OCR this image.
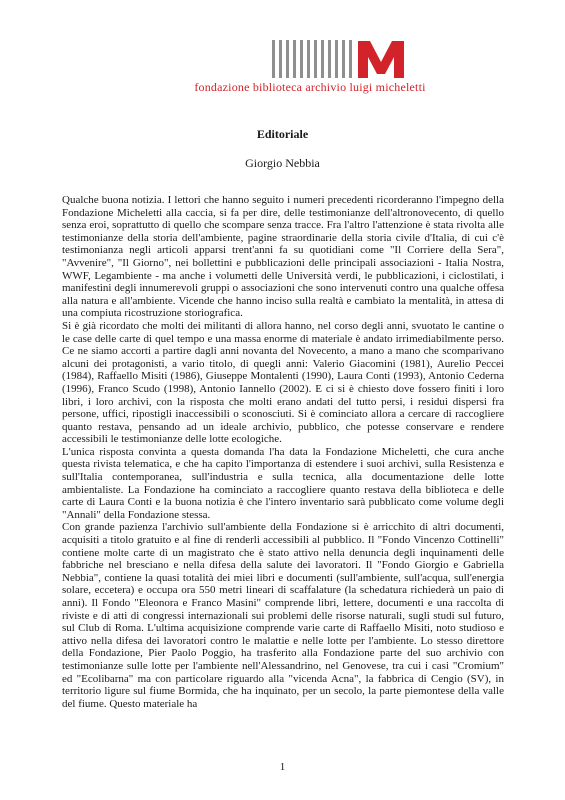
fondazione biblioteca archivio luigi micheletti
Editoriale
Giorgio Nebbia

Qualche buona notizia. I lettori che hanno seguito i numeri precedenti ricorderanno l'impegno della Fondazione Micheletti alla caccia, si fa per dire, delle testimonianze dell'altronovecento, di quello senza eroi, soprattutto di quello che scompare senza tracce. Fra l'altro l'attenzione è stata rivolta alle testimonianze della storia dell'ambiente, pagine straordinarie della storia civile d'Italia, di cui c'è testimonianza negli articoli apparsi trent'anni fa su quotidiani come "Il Corriere della Sera", "Avvenire", "Il Giorno", nei bollettini e pubblicazioni delle principali associazioni - Italia Nostra, WWF, Legambiente - ma anche i volumetti delle Università verdi, le pubblicazioni, i ciclostilati, i manifestini degli innumerevoli gruppi o associazioni che sono intervenuti contro una qualche offesa alla natura e all'ambiente. Vicende che hanno inciso sulla realtà e cambiato la mentalità, in attesa di una compiuta ricostruzione storiografica.

Si è già ricordato che molti dei militanti di allora hanno, nel corso degli anni, svuotato le cantine o le case delle carte di quel tempo e una massa enorme di materiale è andato irrimediabilmente perso. Ce ne siamo accorti a partire dagli anni novanta del Novecento, a mano a mano che scomparivano alcuni dei protagonisti, a vario titolo, di quegli anni: Valerio Giacomini (1981), Aurelio Peccei (1984), Raffaello Misiti (1986), Giuseppe Montalenti (1990), Laura Conti (1993), Antonio Cederna (1996), Franco Scudo (1998), Antonio Iannello (2002). E ci si è chiesto dove fossero finiti i loro libri, i loro archivi, con la risposta che molti erano andati del tutto persi, i residui dispersi fra persone, uffici, ripostigli inaccessibili o sconosciuti. Si è cominciato allora a cercare di raccogliere quanto restava, pensando ad un ideale archivio, pubblico, che potesse conservare e rendere accessibili le testimonianze delle lotte ecologiche.

L'unica risposta convinta a questa domanda l'ha data la Fondazione Micheletti, che cura anche questa rivista telematica, e che ha capito l'importanza di estendere i suoi archivi, sulla Resistenza e sull'Italia contemporanea, sull'industria e sulla tecnica, alla documentazione delle lotte ambientaliste. La Fondazione ha cominciato a raccogliere quanto restava della biblioteca e delle carte di Laura Conti e la buona notizia è che l'intero inventario sarà pubblicato come volume degli "Annali" della Fondazione stessa.

Con grande pazienza l'archivio sull'ambiente della Fondazione si è arricchito di altri documenti, acquisiti a titolo gratuito e al fine di renderli accessibili al pubblico. Il "Fondo Vincenzo Cottinelli" contiene molte carte di un magistrato che è stato attivo nella denuncia degli inquinamenti delle fabbriche nel bresciano e nella difesa della salute dei lavoratori. Il "Fondo Giorgio e Gabriella Nebbia", contiene la quasi totalità dei miei libri e documenti (sull'ambiente, sull'acqua, sull'energia solare, eccetera) e occupa ora 550 metri lineari di scaffalature (la schedatura richiederà un paio di anni). Il Fondo "Eleonora e Franco Masini" comprende libri, lettere, documenti e una raccolta di riviste e di atti di congressi internazionali sui problemi delle risorse naturali, sugli studi sul futuro, sul Club di Roma. L'ultima acquisizione comprende varie carte di Raffaello Misiti, noto studioso e attivo nella difesa dei lavoratori contro le malattie e nelle lotte per l'ambiente. Lo stesso direttore della Fondazione, Pier Paolo Poggio, ha trasferito alla Fondazione parte del suo archivio con testimonianze sulle lotte per l'ambiente nell'Alessandrino, nel Genovese, tra cui i casi "Cromium" ed "Ecolibarna" ma con particolare riguardo alla "vicenda Acna", la fabbrica di Cengio (SV), in territorio ligure sul fiume Bormida, che ha inquinato, per un secolo, la parte piemontese della valle del fiume. Questo materiale ha

1
